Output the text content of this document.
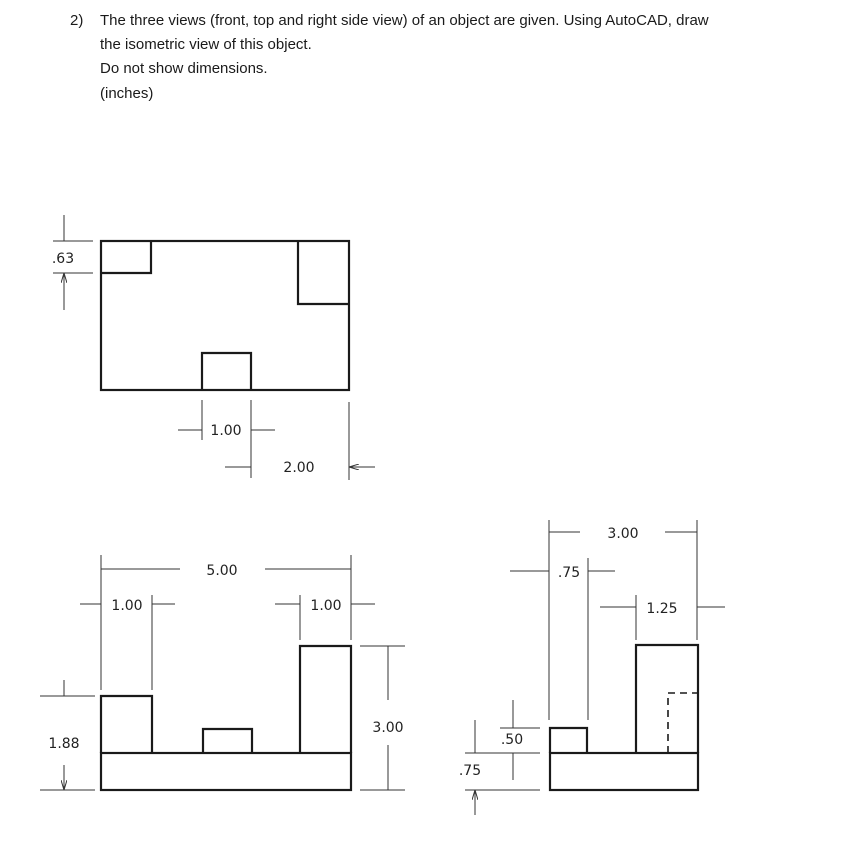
2) The three views (front, top and right side view) of an object are given. Using AutoCAD, draw
the isometric view of this object.
Do not show dimensions.
(inches)
.63
1.00
2.00
5.00
1.00	1.00
3.00
1.88
3.00
.75
1.25
.50
.75
